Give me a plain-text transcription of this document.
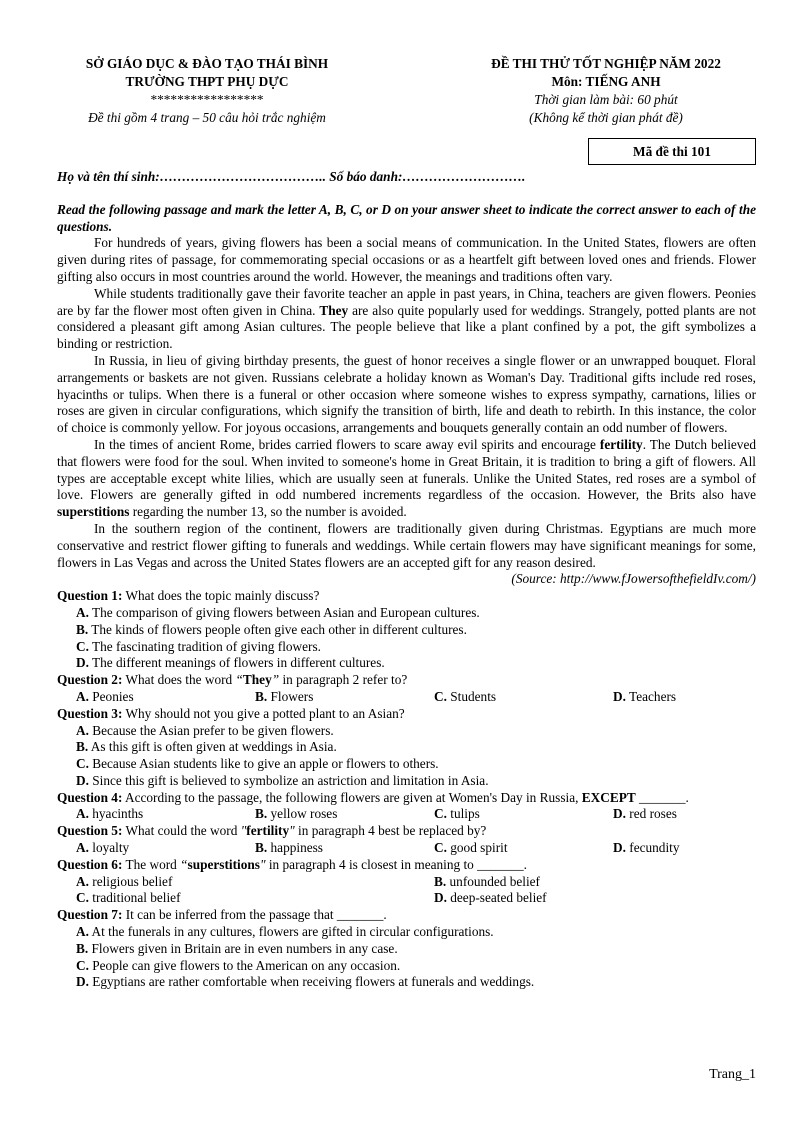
SỞ GIÁO DỤC & ĐÀO TẠO THÁI BÌNH
TRƯỜNG THPT PHỤ DỰC
*****************
Đề thi gồm 4 trang – 50 câu hỏi trắc nghiệm
ĐỀ THI THỬ TỐT NGHIỆP NĂM 2022
Môn: TIẾNG ANH
Thời gian làm bài: 60 phút
(Không kể thời gian phát đề)
Mã đề thi 101
Họ và tên thí sinh:……………………………….. Số báo danh:……………………….
Read the following passage and mark the letter A, B, C, or D on your answer sheet to indicate the correct answer to each of the questions.

For hundreds of years, giving flowers has been a social means of communication. In the United States, flowers are often given during rites of passage, for commemorating special occasions or as a heartfelt gift between loved ones and friends. Flower gifting also occurs in most countries around the world. However, the meanings and traditions often vary.

While students traditionally gave their favorite teacher an apple in past years, in China, teachers are given flowers. Peonies are by far the flower most often given in China. They are also quite popularly used for weddings. Strangely, potted plants are not considered a pleasant gift among Asian cultures. The people believe that like a plant confined by a pot, the gift symbolizes a binding or restriction.

In Russia, in lieu of giving birthday presents, the guest of honor receives a single flower or an unwrapped bouquet. Floral arrangements or baskets are not given. Russians celebrate a holiday known as Woman's Day. Traditional gifts include red roses, hyacinths or tulips. When there is a funeral or other occasion where someone wishes to express sympathy, carnations, lilies or roses are given in circular configurations, which signify the transition of birth, life and death to rebirth. In this instance, the color of choice is commonly yellow. For joyous occasions, arrangements and bouquets generally contain an odd number of flowers.

In the times of ancient Rome, brides carried flowers to scare away evil spirits and encourage fertility. The Dutch believed that flowers were food for the soul. When invited to someone's home in Great Britain, it is tradition to bring a gift of flowers. All types are acceptable except white lilies, which are usually seen at funerals. Unlike the United States, red roses are a symbol of love. Flowers are generally gifted in odd numbered increments regardless of the occasion. However, the Brits also have superstitions regarding the number 13, so the number is avoided.

In the southern region of the continent, flowers are traditionally given during Christmas. Egyptians are much more conservative and restrict flower gifting to funerals and weddings. While certain flowers may have significant meanings for some, flowers in Las Vegas and across the United States flowers are an accepted gift for any reason desired.

(Source: http://www.fJowersofthefieldIv.com/)

Question 1: What does the topic mainly discuss?

A. The comparison of giving flowers between Asian and European cultures.

B. The kinds of flowers people often give each other in different cultures.

C. The fascinating tradition of giving flowers.

D. The different meanings of flowers in different cultures.

Question 2: What does the word “They” in paragraph 2 refer to?

A. Peonies	B. Flowers	C. Students	D. Teachers

Question 3: Why should not you give a potted plant to an Asian?

A. Because the Asian prefer to be given flowers.

B. As this gift is often given at weddings in Asia.

C. Because Asian students like to give an apple or flowers to others.

D. Since this gift is believed to symbolize an astriction and limitation in Asia.

Question 4: According to the passage, the following flowers are given at Women's Day in Russia, EXCEPT _______.

A. hyacinths	B. yellow roses	C. tulips	D. red roses

Question 5: What could the word "fertility" in paragraph 4 best be replaced by?

A. loyalty	B. happiness	C. good spirit	D. fecundity

Question 6: The word “superstitions" in paragraph 4 is closest in meaning to _______.

A. religious belief	B. unfounded belief
C. traditional belief	D. deep-seated belief

Question 7: It can be inferred from the passage that _______.

A. At the funerals in any cultures, flowers are gifted in circular configurations.

B. Flowers given in Britain are in even numbers in any case.

C. People can give flowers to the American on any occasion.

D. Egyptians are rather comfortable when receiving flowers at funerals and weddings.

Trang_1
